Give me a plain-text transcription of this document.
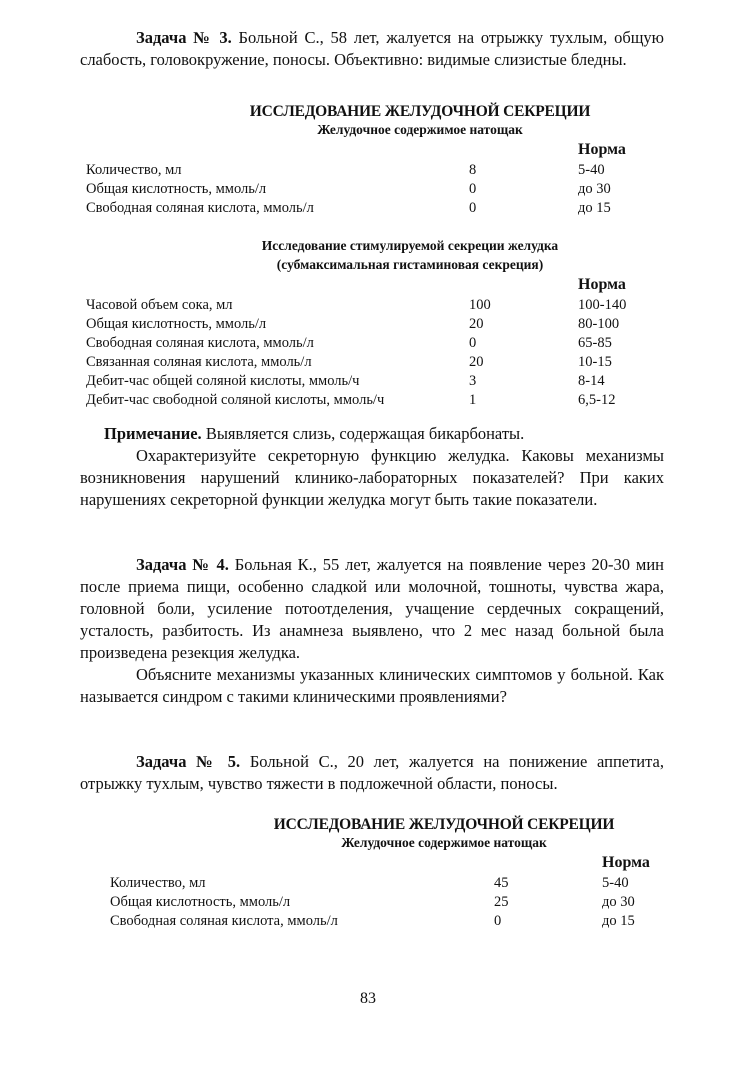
Задача № 3. Больной С., 58 лет, жалуется на отрыжку тухлым, общую слабость, головокружение, поносы. Объективно: видимые слизистые бледны.

ИССЛЕДОВАНИЕ ЖЕЛУДОЧНОЙ СЕКРЕЦИИ
Желудочное содержимое натощак
Норма
Количество, мл	8	5-40
Общая кислотность, ммоль/л	0	до 30
Свободная соляная кислота, ммоль/л	0	до 15
Исследование стимулируемой секреции желудка
(субмаксимальная гистаминовая секреция)
Норма
Часовой объем сока, мл	100	100-140
Общая кислотность, ммоль/л	20	80-100
Свободная соляная кислота, ммоль/л	0	65-85
Связанная соляная кислота, ммоль/л	20	10-15
Дебит-час общей соляной кислоты, ммоль/ч	3	8-14
Дебит-час свободной соляной кислоты, ммоль/ч	1	6,5-12

Примечание. Выявляется слизь, содержащая бикарбонаты.

Охарактеризуйте секреторную функцию желудка. Каковы механизмы возникновения нарушений клинико-лабораторных показателей? При каких нарушениях секреторной функции желудка могут быть такие показатели.

Задача № 4. Больная К., 55 лет, жалуется на появление через 20-30 мин после приема пищи, особенно сладкой или молочной, тошноты, чувства жара, головной боли, усиление потоотделения, учащение сердечных сокращений, усталость, разбитость. Из анамнеза выявлено, что 2 мес назад больной была произведена резекция желудка.

Объясните механизмы указанных клинических симптомов у больной. Как называется синдром с такими клиническими проявлениями?

Задача № 5. Больной С., 20 лет, жалуется на понижение аппетита, отрыжку тухлым, чувство тяжести в подложечной области, поносы.

ИССЛЕДОВАНИЕ ЖЕЛУДОЧНОЙ СЕКРЕЦИИ
Желудочное содержимое натощак
Норма
Количество, мл	45	5-40
Общая кислотность, ммоль/л	25	до 30
Свободная соляная кислота, ммоль/л	0	до 15
83
